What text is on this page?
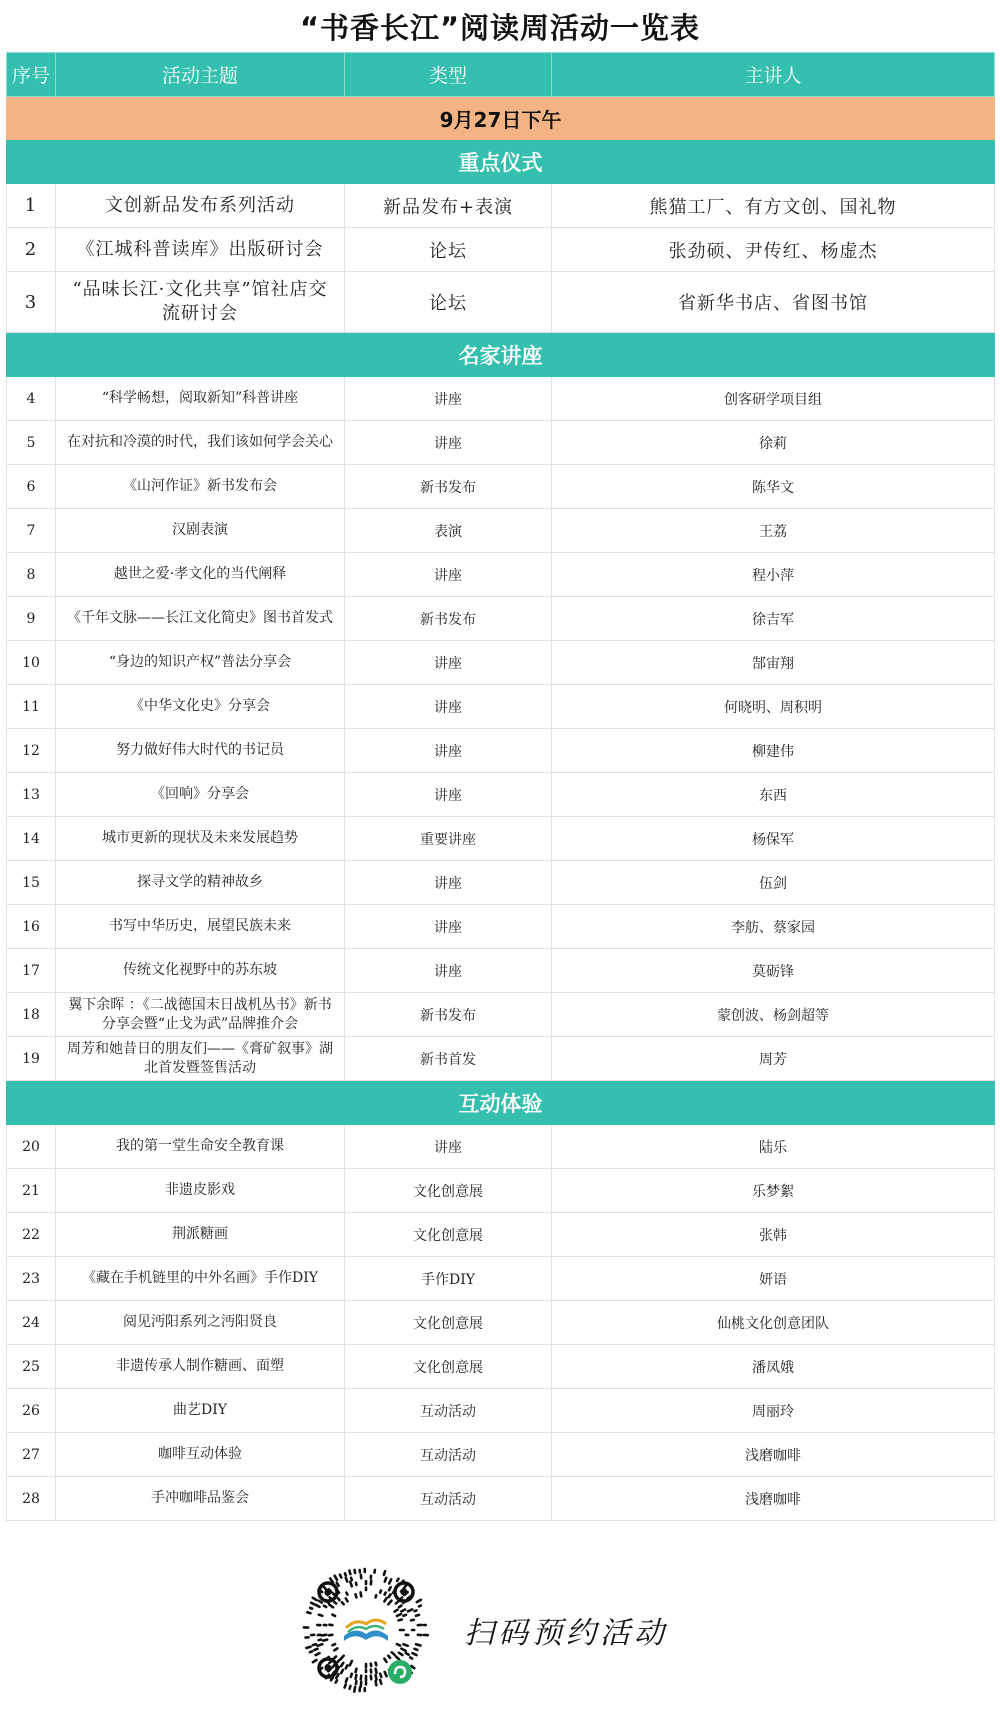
“书香长江”阅读周活动一览表
序号	活动主题	类型	主讲人
9月27日下午			
重点仪式			
1	文创新品发布系列活动	新品发布+表演	熊猫工厂、有方文创、国礼物
2	《江城科普读库》出版研讨会	论坛	张劲硕、尹传红、杨虚杰
3	“品味长江·文化共享”馆社店交流研讨会	论坛	省新华书店、省图书馆
名家讲座			
4	“科学畅想，阅取新知”科普讲座	讲座	创客研学项目组
5	在对抗和冷漠的时代，我们该如何学会关心	讲座	徐莉
6	《山河作证》新书发布会	新书发布	陈华文
7	汉剧表演	表演	王荔
8	越世之爱·孝文化的当代阐释	讲座	程小萍
9	《千年文脉——长江文化简史》图书首发式	新书发布	徐吉军
10	“身边的知识产权”普法分享会	讲座	郜宙翔
11	《中华文化史》分享会	讲座	何晓明、周积明
12	努力做好伟大时代的书记员	讲座	柳建伟
13	《回响》分享会	讲座	东西
14	城市更新的现状及未来发展趋势	重要讲座	杨保军
15	探寻文学的精神故乡	讲座	伍剑
16	书写中华历史，展望民族未来	讲座	李舫、蔡家园
17	传统文化视野中的苏东坡	讲座	莫砺锋
18	翼下余晖 ：《二战德国末日战机丛书》新书分享会暨“止戈为武”品牌推介会	新书发布	蒙创波、杨剑超等
19	周芳和她昔日的朋友们——《膏矿叙事》湖北首发暨签售活动	新书首发	周芳
互动体验			
20	我的第一堂生命安全教育课	讲座	陆乐
21	非遗皮影戏	文化创意展	乐梦絮
22	荆派糖画	文化创意展	张韩
23	《藏在手机链里的中外名画》手作DIY	手作DIY	妍语
24	阅见沔阳系列之沔阳贤良	文化创意展	仙桃文化创意团队
25	非遗传承人制作糖画、面塑	文化创意展	潘凤娥
26	曲艺DIY	互动活动	周丽玲
27	咖啡互动体验	互动活动	浅磨咖啡
28	手冲咖啡品鉴会	互动活动	浅磨咖啡
扫码预约活动
